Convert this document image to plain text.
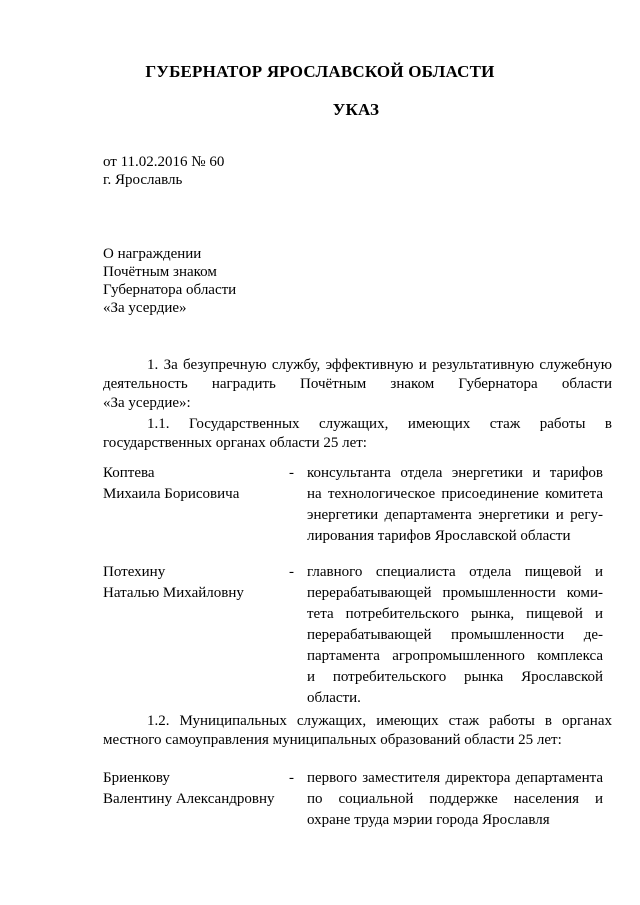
ГУБЕРНАТОР ЯРОСЛАВСКОЙ ОБЛАСТИ
УКАЗ
от 11.02.2016 № 60
г. Ярославль
О награждении
Почётным знаком
Губернатора области
«За усердие»
1. За безупречную службу, эффективную и результативную служебную
деятельность наградить Почётным знаком Губернатора области
«За усердие»:
1.1. Государственных служащих, имеющих стаж работы в
государственных органах области 25 лет:
Коптева
Михаила Борисовича
- консультанта отдела энергетики и тарифов
на технологическое присоединение комитета
энергетики департамента энергетики и регу-
лирования тарифов Ярославской области
Потехину
Наталью Михайловну
- главного специалиста отдела пищевой и
перерабатывающей промышленности коми-
тета потребительского рынка, пищевой и
перерабатывающей промышленности де-
партамента агропромышленного комплекса
и потребительского рынка Ярославской
области.
1.2. Муниципальных служащих, имеющих стаж работы в органах
местного самоуправления муниципальных образований области 25 лет:
Бриенкову
Валентину Александровну
- первого заместителя директора департамента
по социальной поддержке населения и
охране труда мэрии города Ярославля
